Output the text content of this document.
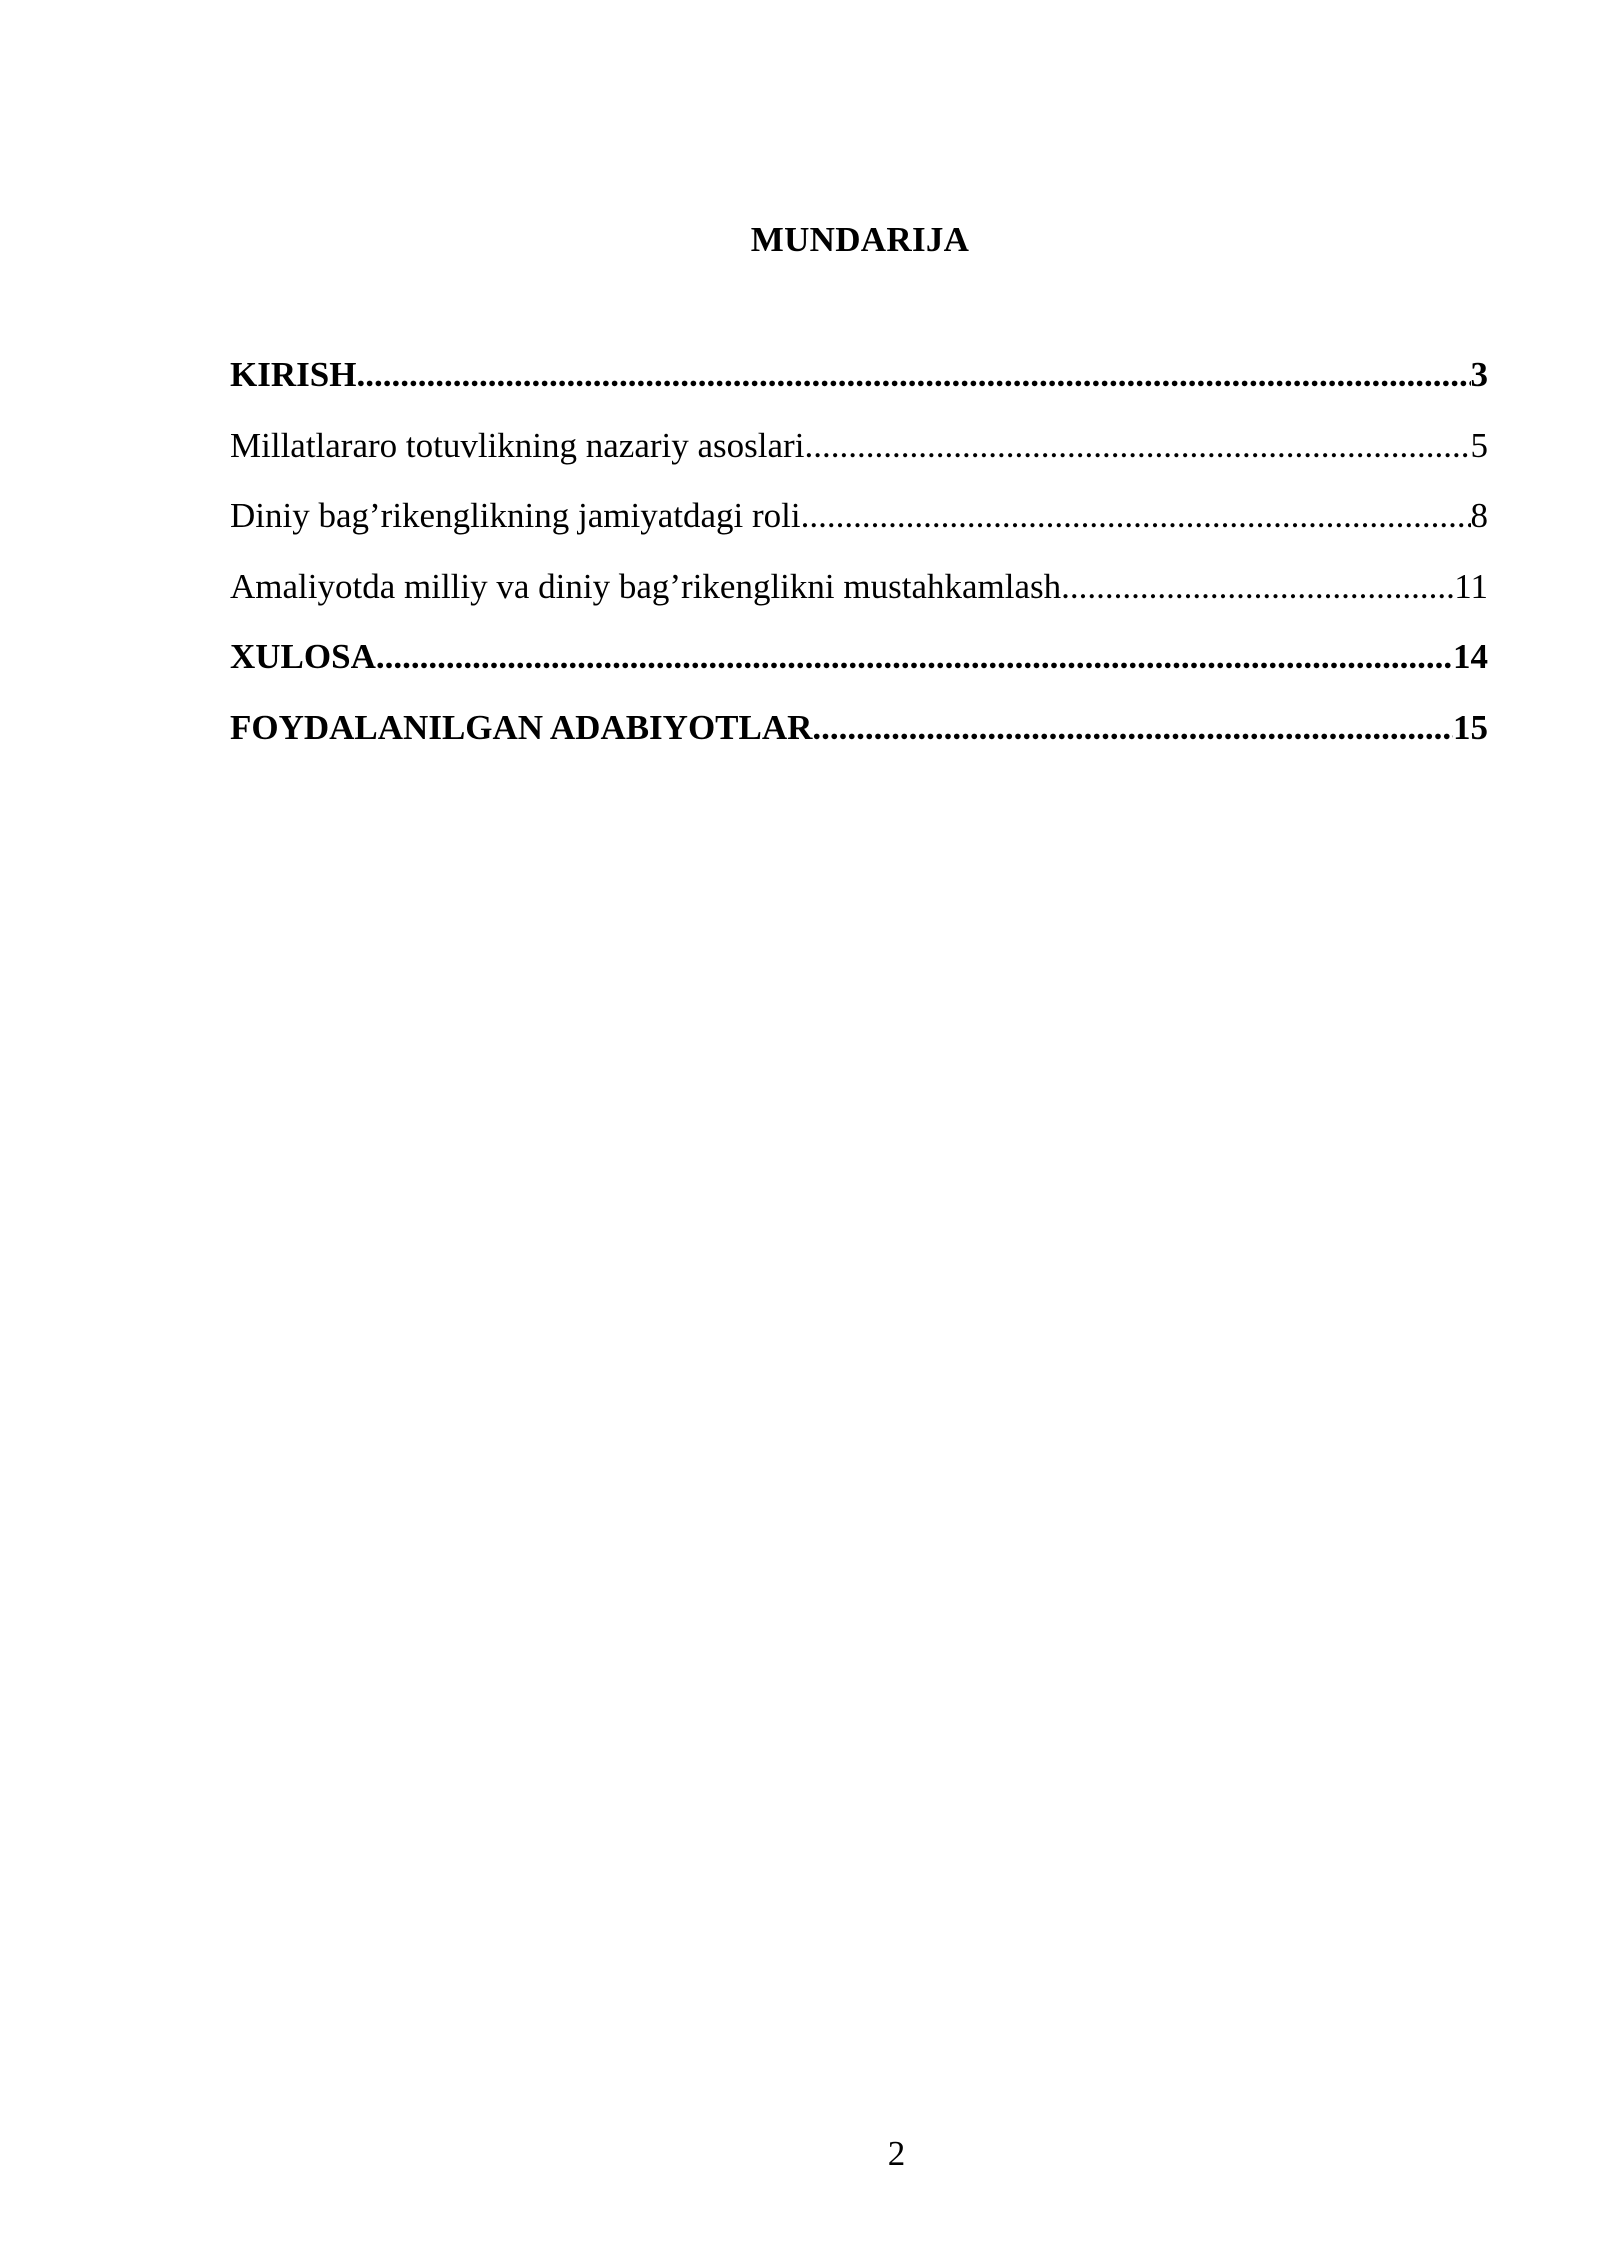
MUNDARIJA
KIRISH .....	3
Millatlararo totuvlikning nazariy asoslari .....	5
Diniy bag’rikenglikning jamiyatdagi roli .....	8
Amaliyotda milliy va diniy bag’rikenglikni mustahkamlash .....	11
XULOSA .....	14
FOYDALANILGAN ADABIYOTLAR .....	15
2
